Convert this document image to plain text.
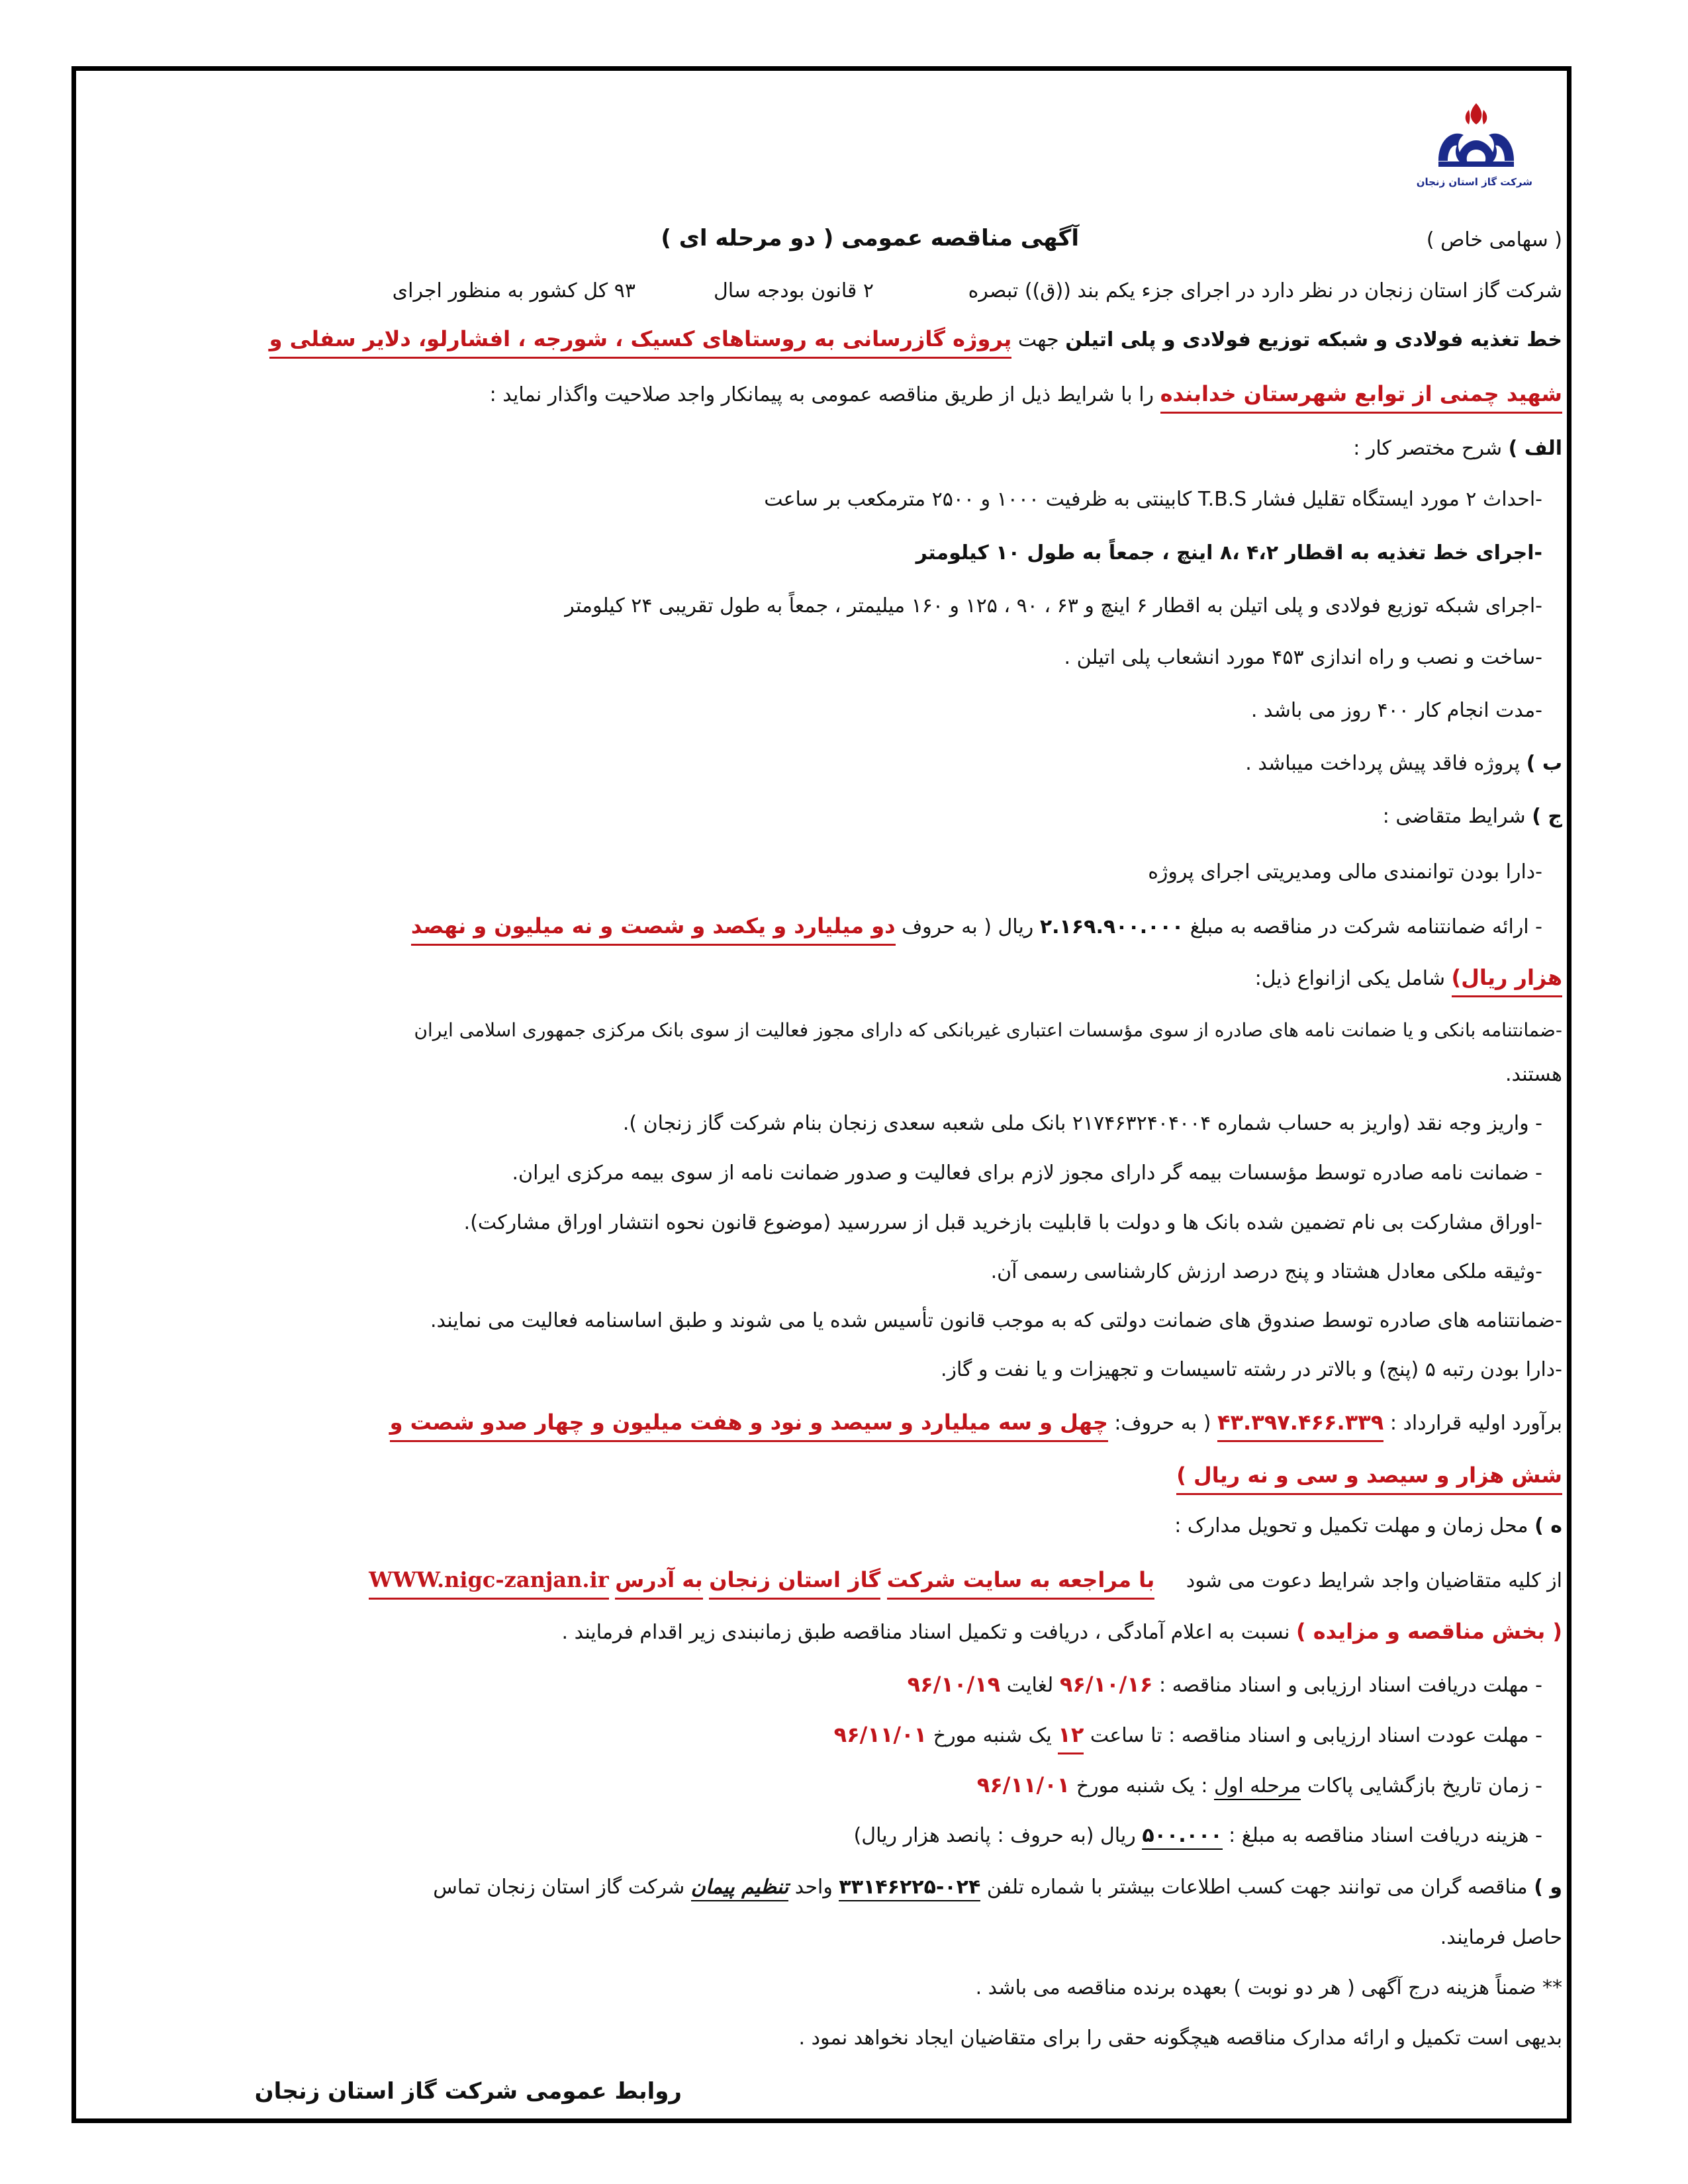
شرکت گاز استان زنجان
( سهامی خاص )
آگهی مناقصه عمومی ( دو مرحله ای )
شرکت گاز استان زنجان در نظر دارد در اجرای جزء یکم بند ((ق)) تبصره
۲ قانون بودجه سال
۹۳ کل کشور به منظور اجرای
خط تغذیه فولادی و شبکه توزیع فولادی و پلی اتیلن جهت پروژه گازرسانی به روستاهای کسیک ، شورجه ، افشارلو، دلایر سفلی و
شهید چمنی از توابع شهرستان خدابنده را با شرایط ذیل از طریق مناقصه عمومی به پیمانکار واجد صلاحیت واگذار نماید :
الف ) شرح مختصر کار :
-احداث ۲ مورد ایستگاه تقلیل فشار T.B.S کابینتی به ظرفیت ۱۰۰۰ و ۲۵۰۰ مترمکعب بر ساعت
-اجرای خط تغذیه به اقطار ۴،۲ ،۸ اینچ ، جمعاً به طول ۱۰ کیلومتر
-اجرای شبکه توزیع فولادی و پلی اتیلن به اقطار ۶ اینچ و ۶۳ ، ۹۰ ، ۱۲۵ و ۱۶۰ میلیمتر ، جمعاً به طول تقریبی ۲۴ کیلومتر
-ساخت و نصب و راه اندازی ۴۵۳ مورد انشعاب پلی اتیلن .
-مدت انجام کار ۴۰۰ روز می باشد .
ب ) پروژه فاقد پیش پرداخت میباشد .
ج ) شرایط متقاضی :
-دارا بودن توانمندی مالی ومدیریتی اجرای پروژه
- ارائه ضمانتنامه شرکت در مناقصه به مبلغ ۲.۱۶۹.۹۰۰.۰۰۰ ریال ( به حروف دو میلیارد و یکصد و شصت و نه میلیون و نهصد
هزار ریال) شامل یکی ازانواع ذیل:
-ضمانتنامه بانکی و یا ضمانت نامه های صادره از سوی مؤسسات اعتباری غیربانکی که دارای مجوز فعالیت از سوی بانک مرکزی جمهوری اسلامی ایران
هستند.
- واریز وجه نقد (واریز به حساب شماره ۲۱۷۴۶۳۲۴۰۴۰۰۴ بانک ملی شعبه سعدی زنجان بنام شرکت گاز زنجان ).
- ضمانت نامه صادره توسط مؤسسات بیمه گر دارای مجوز لازم برای فعالیت و صدور ضمانت نامه از سوی بیمه مرکزی ایران.
-اوراق مشارکت بی نام تضمین شده بانک ها و دولت با قابلیت بازخرید قبل از سررسید (موضوع قانون نحوه انتشار اوراق مشارکت).
-وثیقه ملکی معادل هشتاد و پنج درصد ارزش کارشناسی رسمی آن.
-ضمانتنامه های صادره توسط صندوق های ضمانت دولتی که به موجب قانون تأسیس شده یا می شوند و طبق اساسنامه فعالیت می نمایند.
-دارا بودن رتبه ۵ (پنج) و بالاتر در رشته تاسیسات و تجهیزات و یا نفت و گاز.
برآورد اولیه قرارداد : ۴۳.۳۹۷.۴۶۶.۳۳۹ ( به حروف: چهل و سه میلیارد و سیصد و نود و هفت میلیون و چهار صدو شصت و
شش هزار و سیصد و سی و نه ریال )
ه ) محل زمان و مهلت تکمیل و تحویل مدارک :
از کلیه متقاضیان واجد شرایط دعوت می شود     با مراجعه به سایت شرکت گاز استان زنجان به آدرس WWW.nigc-zanjan.ir
( بخش مناقصه و مزایده ) نسبت به اعلام آمادگی ، دریافت و تکمیل اسناد مناقصه طبق زمانبندی زیر اقدام فرمایند .
- مهلت دریافت اسناد ارزیابی و اسناد مناقصه : ۹۶/۱۰/۱۶ لغایت ۹۶/۱۰/۱۹
- مهلت عودت اسناد ارزیابی و اسناد مناقصه : تا ساعت ۱۲ یک شنبه مورخ ۹۶/۱۱/۰۱
- زمان تاریخ بازگشایی پاکات مرحله اول : یک شنبه مورخ ۹۶/۱۱/۰۱
- هزینه دریافت اسناد مناقصه به مبلغ : ۵۰۰.۰۰۰ ریال (به حروف : پانصد هزار ریال)
و ) مناقصه گران می توانند جهت کسب اطلاعات بیشتر با شماره تلفن ۰۲۴-۳۳۱۴۶۲۲۵ واحد تنظیم پیمان شرکت گاز استان زنجان تماس
حاصل فرمایند.
** ضمناً هزینه درج آگهی ( هر دو نوبت ) بعهده برنده مناقصه می باشد .
بدیهی است تکمیل و ارائه مدارک مناقصه هیچگونه حقی را برای متقاضیان ایجاد نخواهد نمود .
روابط عمومی شرکت گاز استان زنجان
